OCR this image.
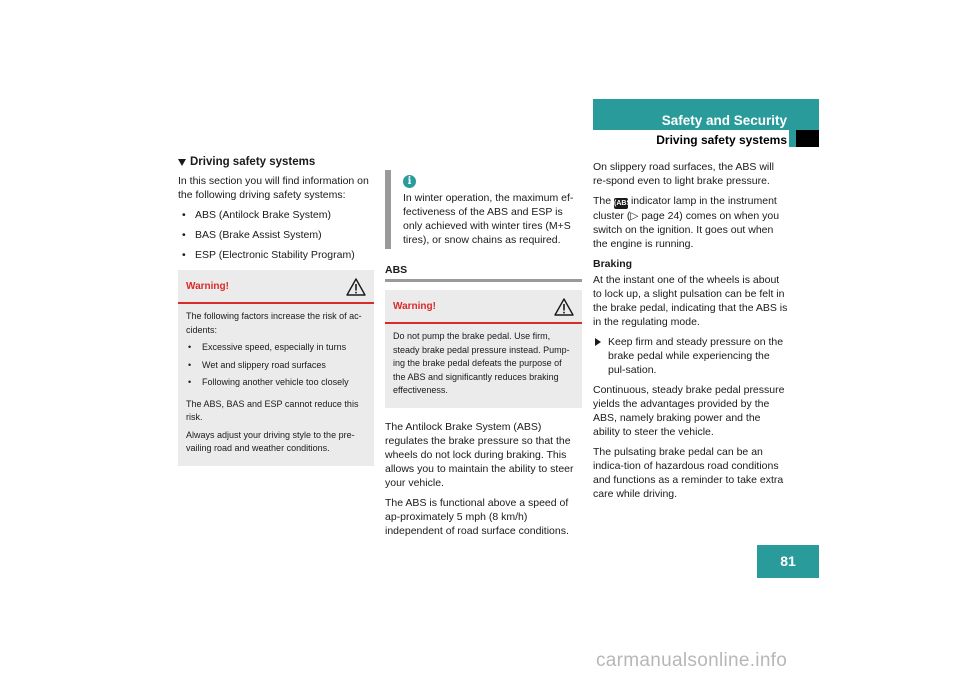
Safety and Security
Driving safety systems
Driving safety systems

In this section you will find information on the following driving safety systems:

• ABS (Antilock Brake System)
• BAS (Brake Assist System)
• ESP (Electronic Stability Program)
Warning!

The following factors increase the risk of ac-cidents:

• Excessive speed, especially in turns
• Wet and slippery road surfaces
• Following another vehicle too closely

The ABS, BAS and ESP cannot reduce this risk.

Always adjust your driving style to the pre-vailing road and weather conditions.

i
In winter operation, the maximum ef-fectiveness of the ABS and ESP is only achieved with winter tires (M+S tires), or snow chains as required.
ABS
Warning!

Do not pump the brake pedal. Use firm, steady brake pedal pressure instead. Pump-ing the brake pedal defeats the purpose of the ABS and significantly reduces braking effectiveness.

The Antilock Brake System (ABS) regulates the brake pressure so that the wheels do not lock during braking. This allows you to maintain the ability to steer your vehicle.

The ABS is functional above a speed of ap-proximately 5 mph (8 km/h) independent of road surface conditions.

On slippery road surfaces, the ABS will re-spond even to light brake pressure.

The (ABS) indicator lamp in the instrument cluster (▷ page 24) comes on when you switch on the ignition. It goes out when the engine is running.

Braking

At the instant one of the wheels is about to lock up, a slight pulsation can be felt in the brake pedal, indicating that the ABS is in the regulating mode.

Keep firm and steady pressure on the brake pedal while experiencing the pul-sation.

Continuous, steady brake pedal pressure yields the advantages provided by the ABS, namely braking power and the ability to steer the vehicle.

The pulsating brake pedal can be an indica-tion of hazardous road conditions and functions as a reminder to take extra care while driving.

81
carmanualsonline.info
